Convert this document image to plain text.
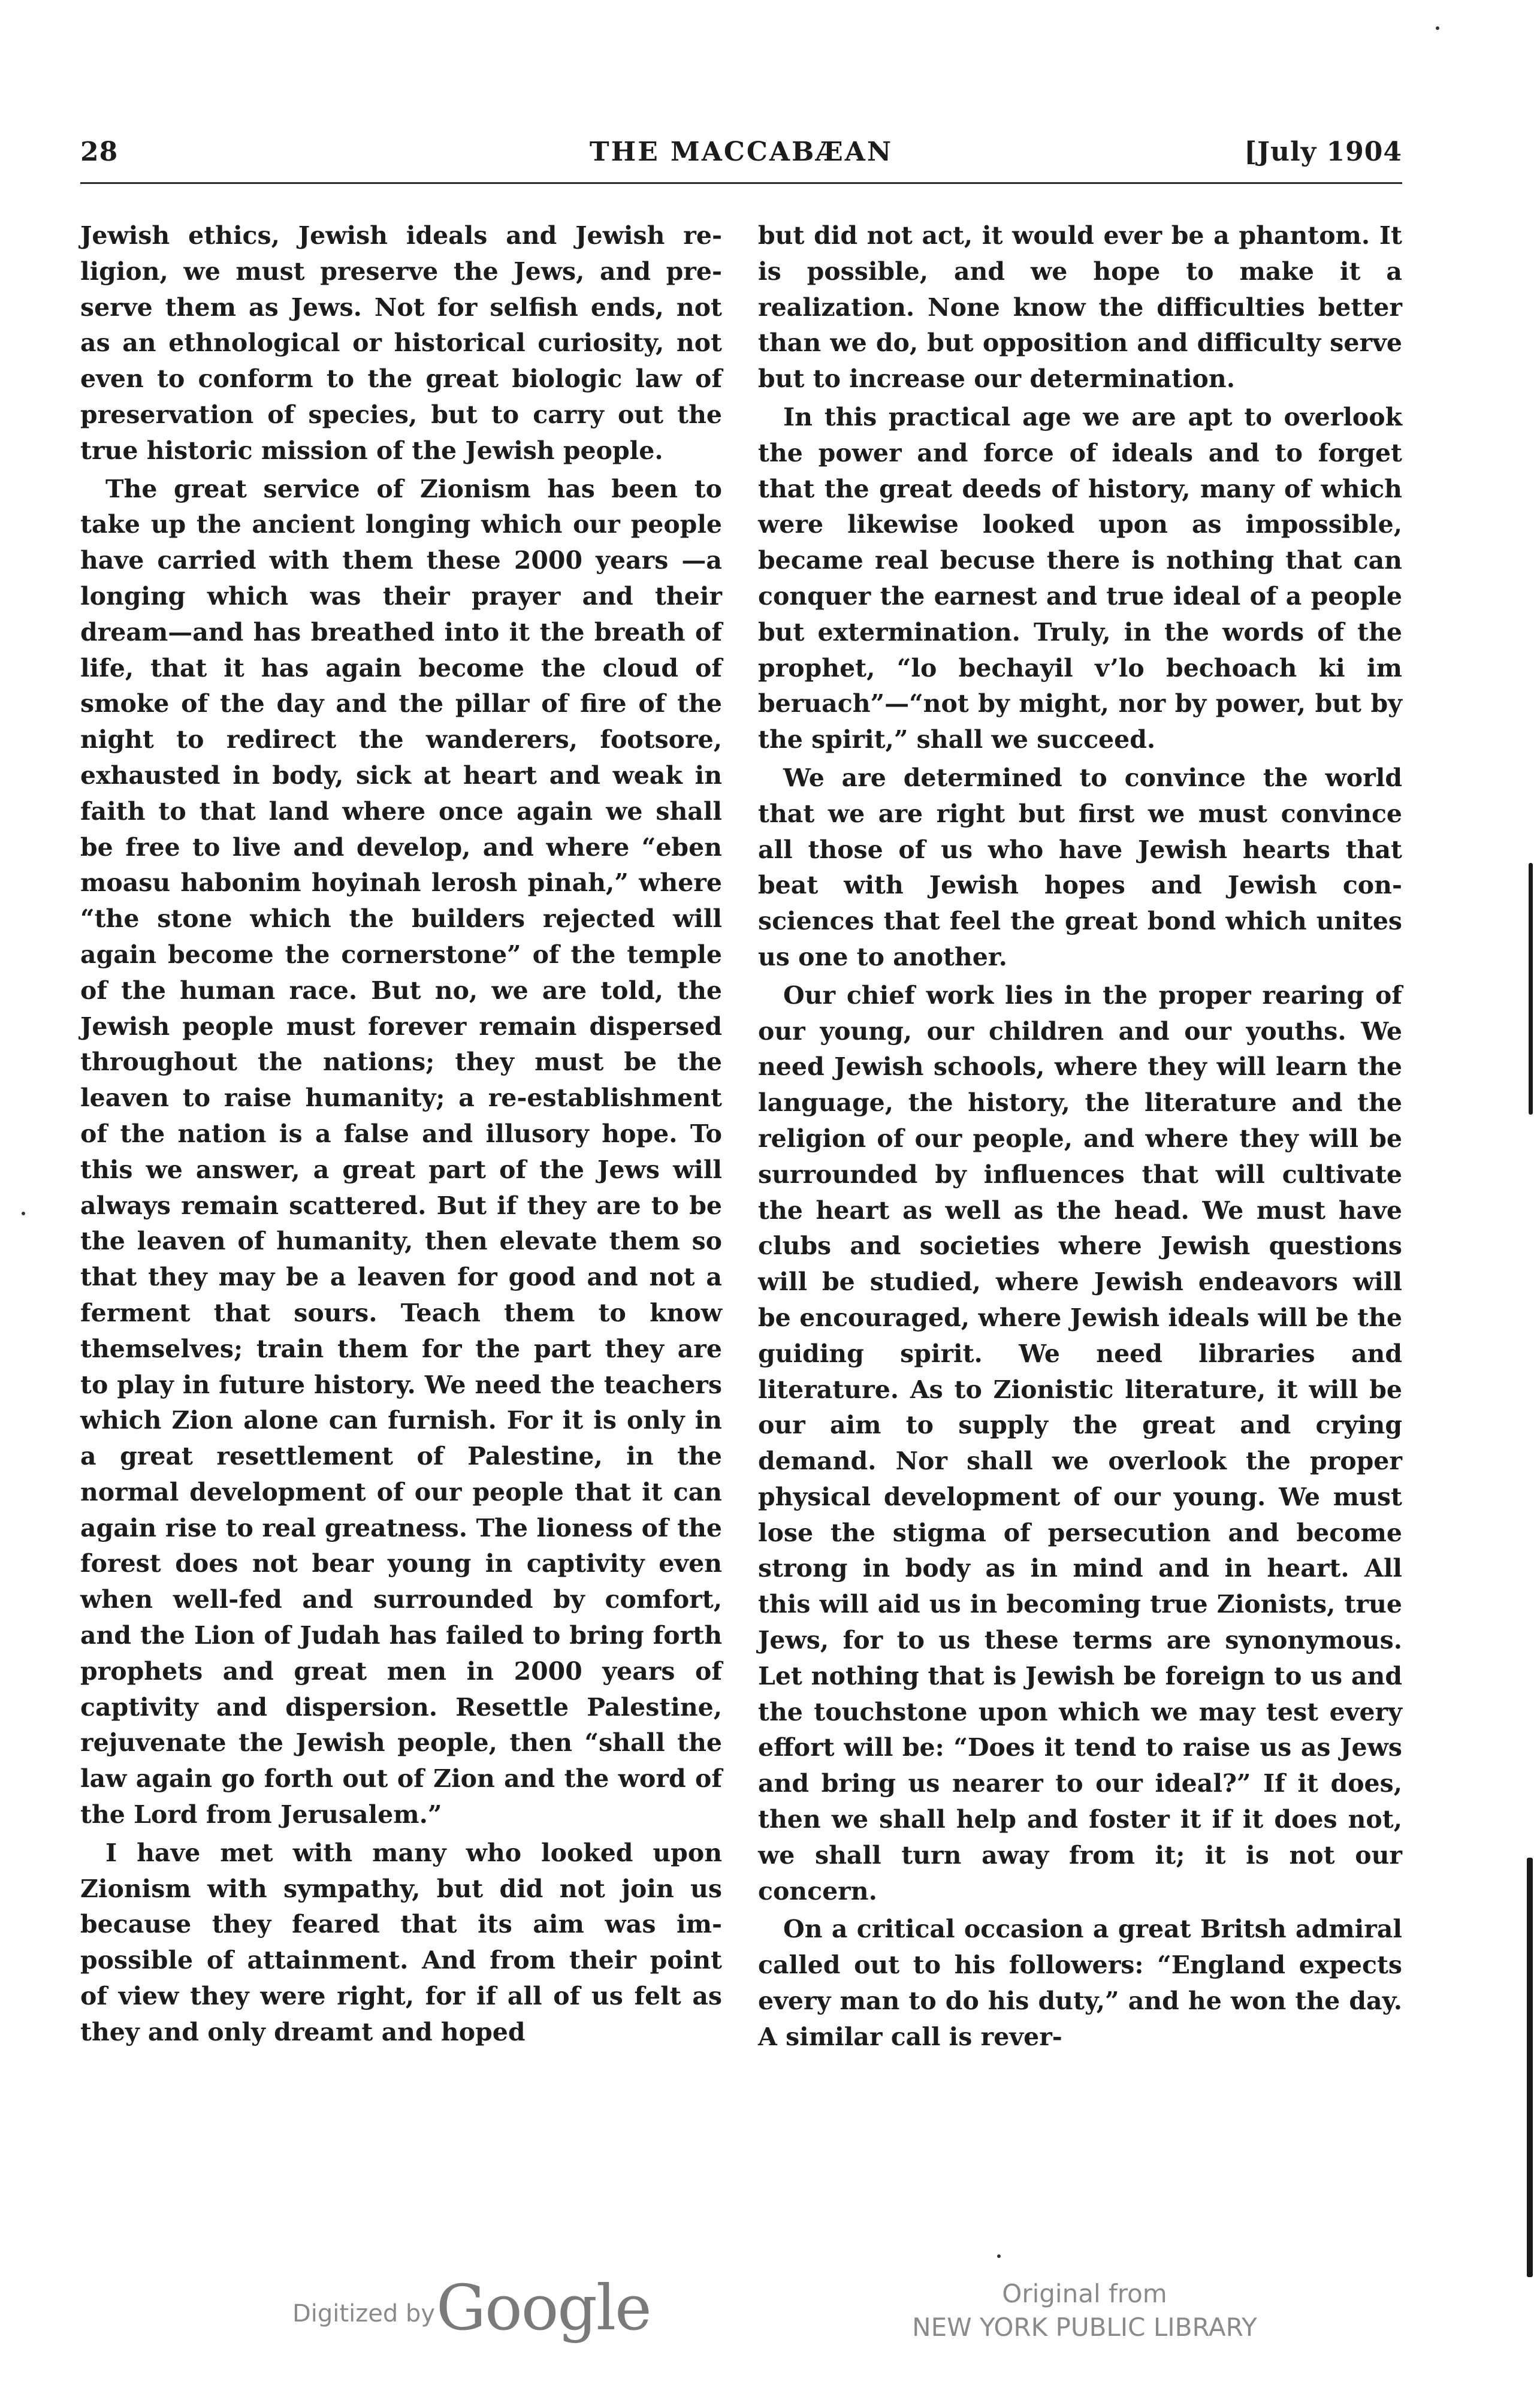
28	THE MACCABÆAN	[July 1904

Jewish ethics, Jewish ideals and Jewish religion, we must preserve the Jews, and preserve them as Jews. Not for selfish ends, not as an ethnological or historical curiosity, not even to conform to the great biologic law of preservation of species, but to carry out the true historic mission of the Jewish people.

The great service of Zionism has been to take up the ancient longing which our people have carried with them these 2000 years —a longing which was their prayer and their dream—and has breathed into it the breath of life, that it has again become the cloud of smoke of the day and the pillar of fire of the night to redirect the wanderers, footsore, exhausted in body, sick at heart and weak in faith to that land where once again we shall be free to live and develop, and where “eben moasu habonim hoyinah lerosh pinah,” where “the stone which the builders rejected will again become the cornerstone” of the temple of the human race. But no, we are told, the Jewish people must forever remain dispersed throughout the nations; they must be the leaven to raise humanity; a re-establishment of the nation is a false and illusory hope. To this we answer, a great part of the Jews will always remain scattered. But if they are to be the leaven of humanity, then elevate them so that they may be a leaven for good and not a ferment that sours. Teach them to know themselves; train them for the part they are to play in future history. We need the teachers which Zion alone can furnish. For it is only in a great resettlement of Palestine, in the normal development of our people that it can again rise to real greatness. The lioness of the forest does not bear young in captivity even when well-fed and surrounded by comfort, and the Lion of Judah has failed to bring forth prophets and great men in 2000 years of captivity and dispersion. Resettle Palestine, rejuvenate the Jewish people, then “shall the law again go forth out of Zion and the word of the Lord from Jerusalem.”

I have met with many who looked upon Zionism with sympathy, but did not join us because they feared that its aim was impossible of attainment. And from their point of view they were right, for if all of us felt as they and only dreamt and hoped

but did not act, it would ever be a phantom. It is possible, and we hope to make it a realization. None know the difficulties better than we do, but opposition and difficulty serve but to increase our determination.

In this practical age we are apt to overlook the power and force of ideals and to forget that the great deeds of history, many of which were likewise looked upon as impossible, became real becuse there is nothing that can conquer the earnest and true ideal of a people but extermination. Truly, in the words of the prophet, “lo bechayil v’lo bechoach ki im beruach”—“not by might, nor by power, but by the spirit,” shall we succeed.

We are determined to convince the world that we are right but first we must convince all those of us who have Jewish hearts that beat with Jewish hopes and Jewish consciences that feel the great bond which unites us one to another.

Our chief work lies in the proper rearing of our young, our children and our youths. We need Jewish schools, where they will learn the language, the history, the literature and the religion of our people, and where they will be surrounded by influences that will cultivate the heart as well as the head. We must have clubs and societies where Jewish questions will be studied, where Jewish endeavors will be encouraged, where Jewish ideals will be the guiding spirit. We need libraries and literature. As to Zionistic literature, it will be our aim to supply the great and crying demand. Nor shall we overlook the proper physical development of our young. We must lose the stigma of persecution and become strong in body as in mind and in heart. All this will aid us in becoming true Zionists, true Jews, for to us these terms are synonymous. Let nothing that is Jewish be foreign to us and the touchstone upon which we may test every effort will be: “Does it tend to raise us as Jews and bring us nearer to our ideal?” If it does, then we shall help and foster it if it does not, we shall turn away from it; it is not our concern.

On a critical occasion a great Britsh admiral called out to his followers: “England expects every man to do his duty,” and he won the day. A similar call is rever-

Digitized by Google	Original from
NEW YORK PUBLIC LIBRARY
